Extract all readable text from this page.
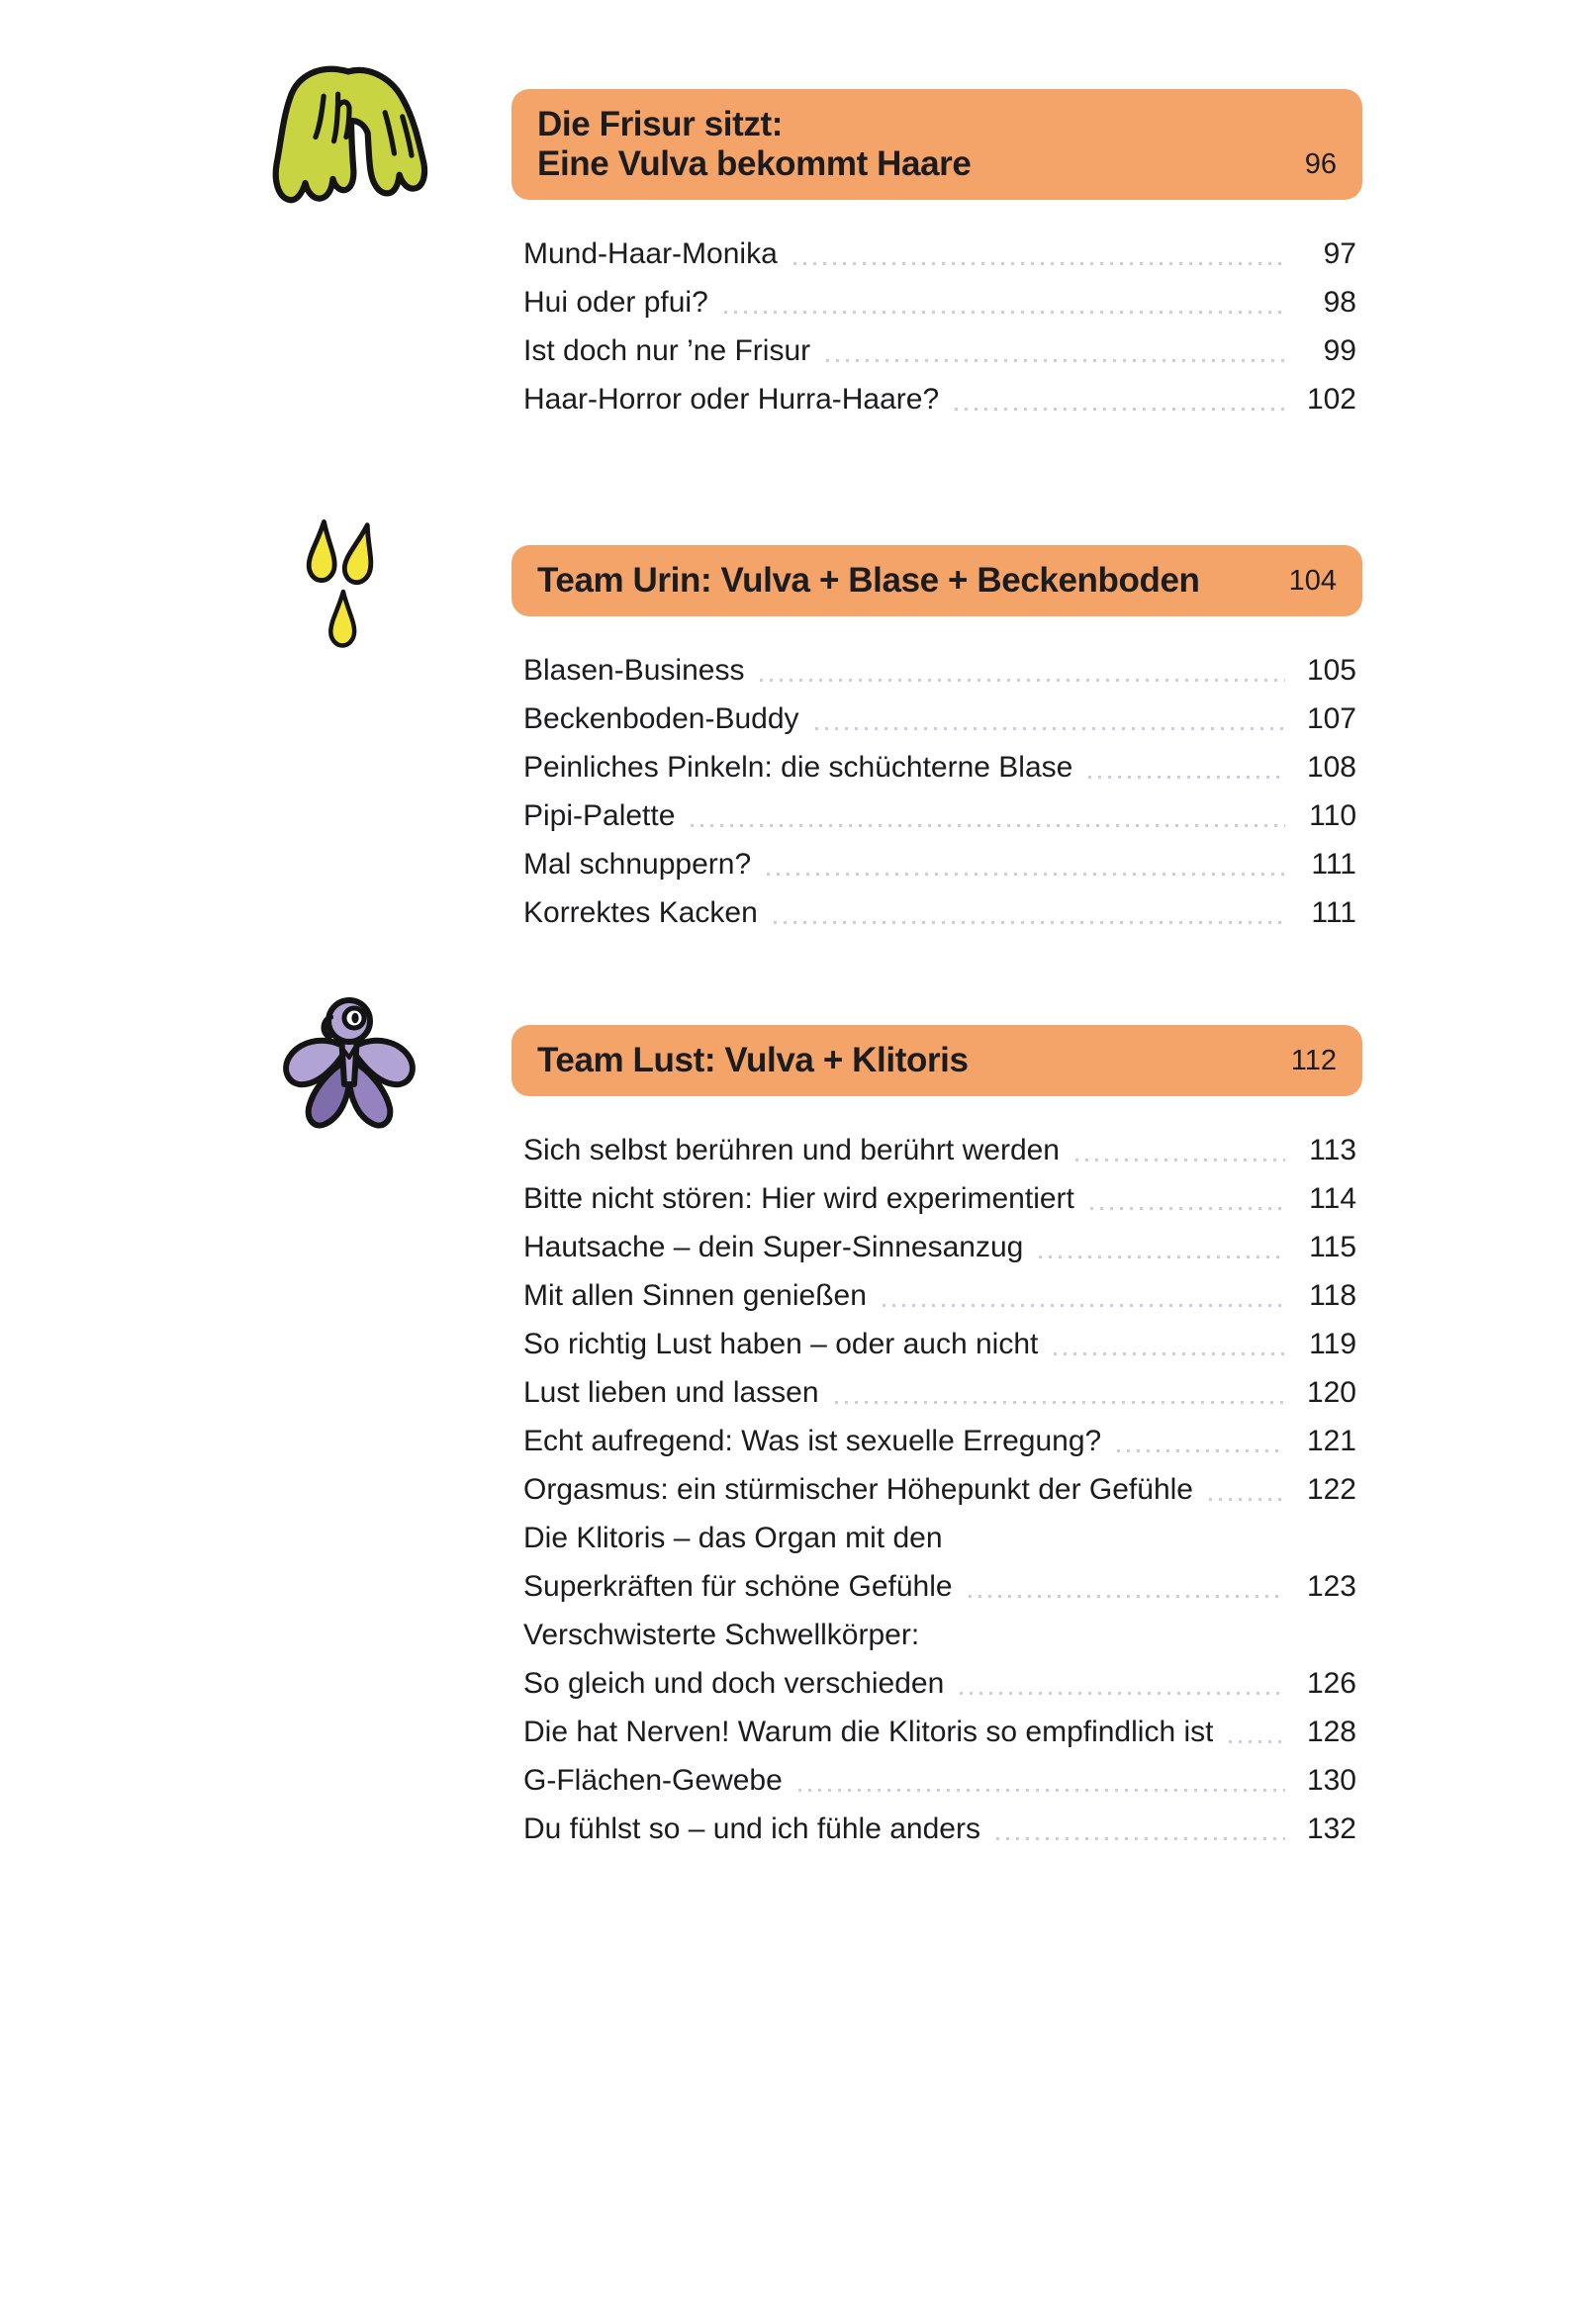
Die Frisur sitzt:
Eine Vulva bekommt Haare	96
Mund-Haar-Monika	97
Hui oder pfui?	98
Ist doch nur ’ne Frisur	99
Haar-Horror oder Hurra-Haare?	102
Team Urin: Vulva + Blase + Beckenboden	104
Blasen-Business	105
Beckenboden-Buddy	107
Peinliches Pinkeln: die schüchterne Blase	108
Pipi-Palette	110
Mal schnuppern?	111
Korrektes Kacken	111
Team Lust: Vulva + Klitoris	112
Sich selbst berühren und berührt werden	113
Bitte nicht stören: Hier wird experimentiert	114
Hautsache – dein Super-Sinnesanzug	115
Mit allen Sinnen genießen	118
So richtig Lust haben – oder auch nicht	119
Lust lieben und lassen	120
Echt aufregend: Was ist sexuelle Erregung?	121
Orgasmus: ein stürmischer Höhepunkt der Gefühle	122
Die Klitoris – das Organ mit den
Superkräften für schöne Gefühle	123
Verschwisterte Schwellkörper:
So gleich und doch verschieden	126
Die hat Nerven! Warum die Klitoris so empfindlich ist	128
G-Flächen-Gewebe	130
Du fühlst so – und ich fühle anders	132
